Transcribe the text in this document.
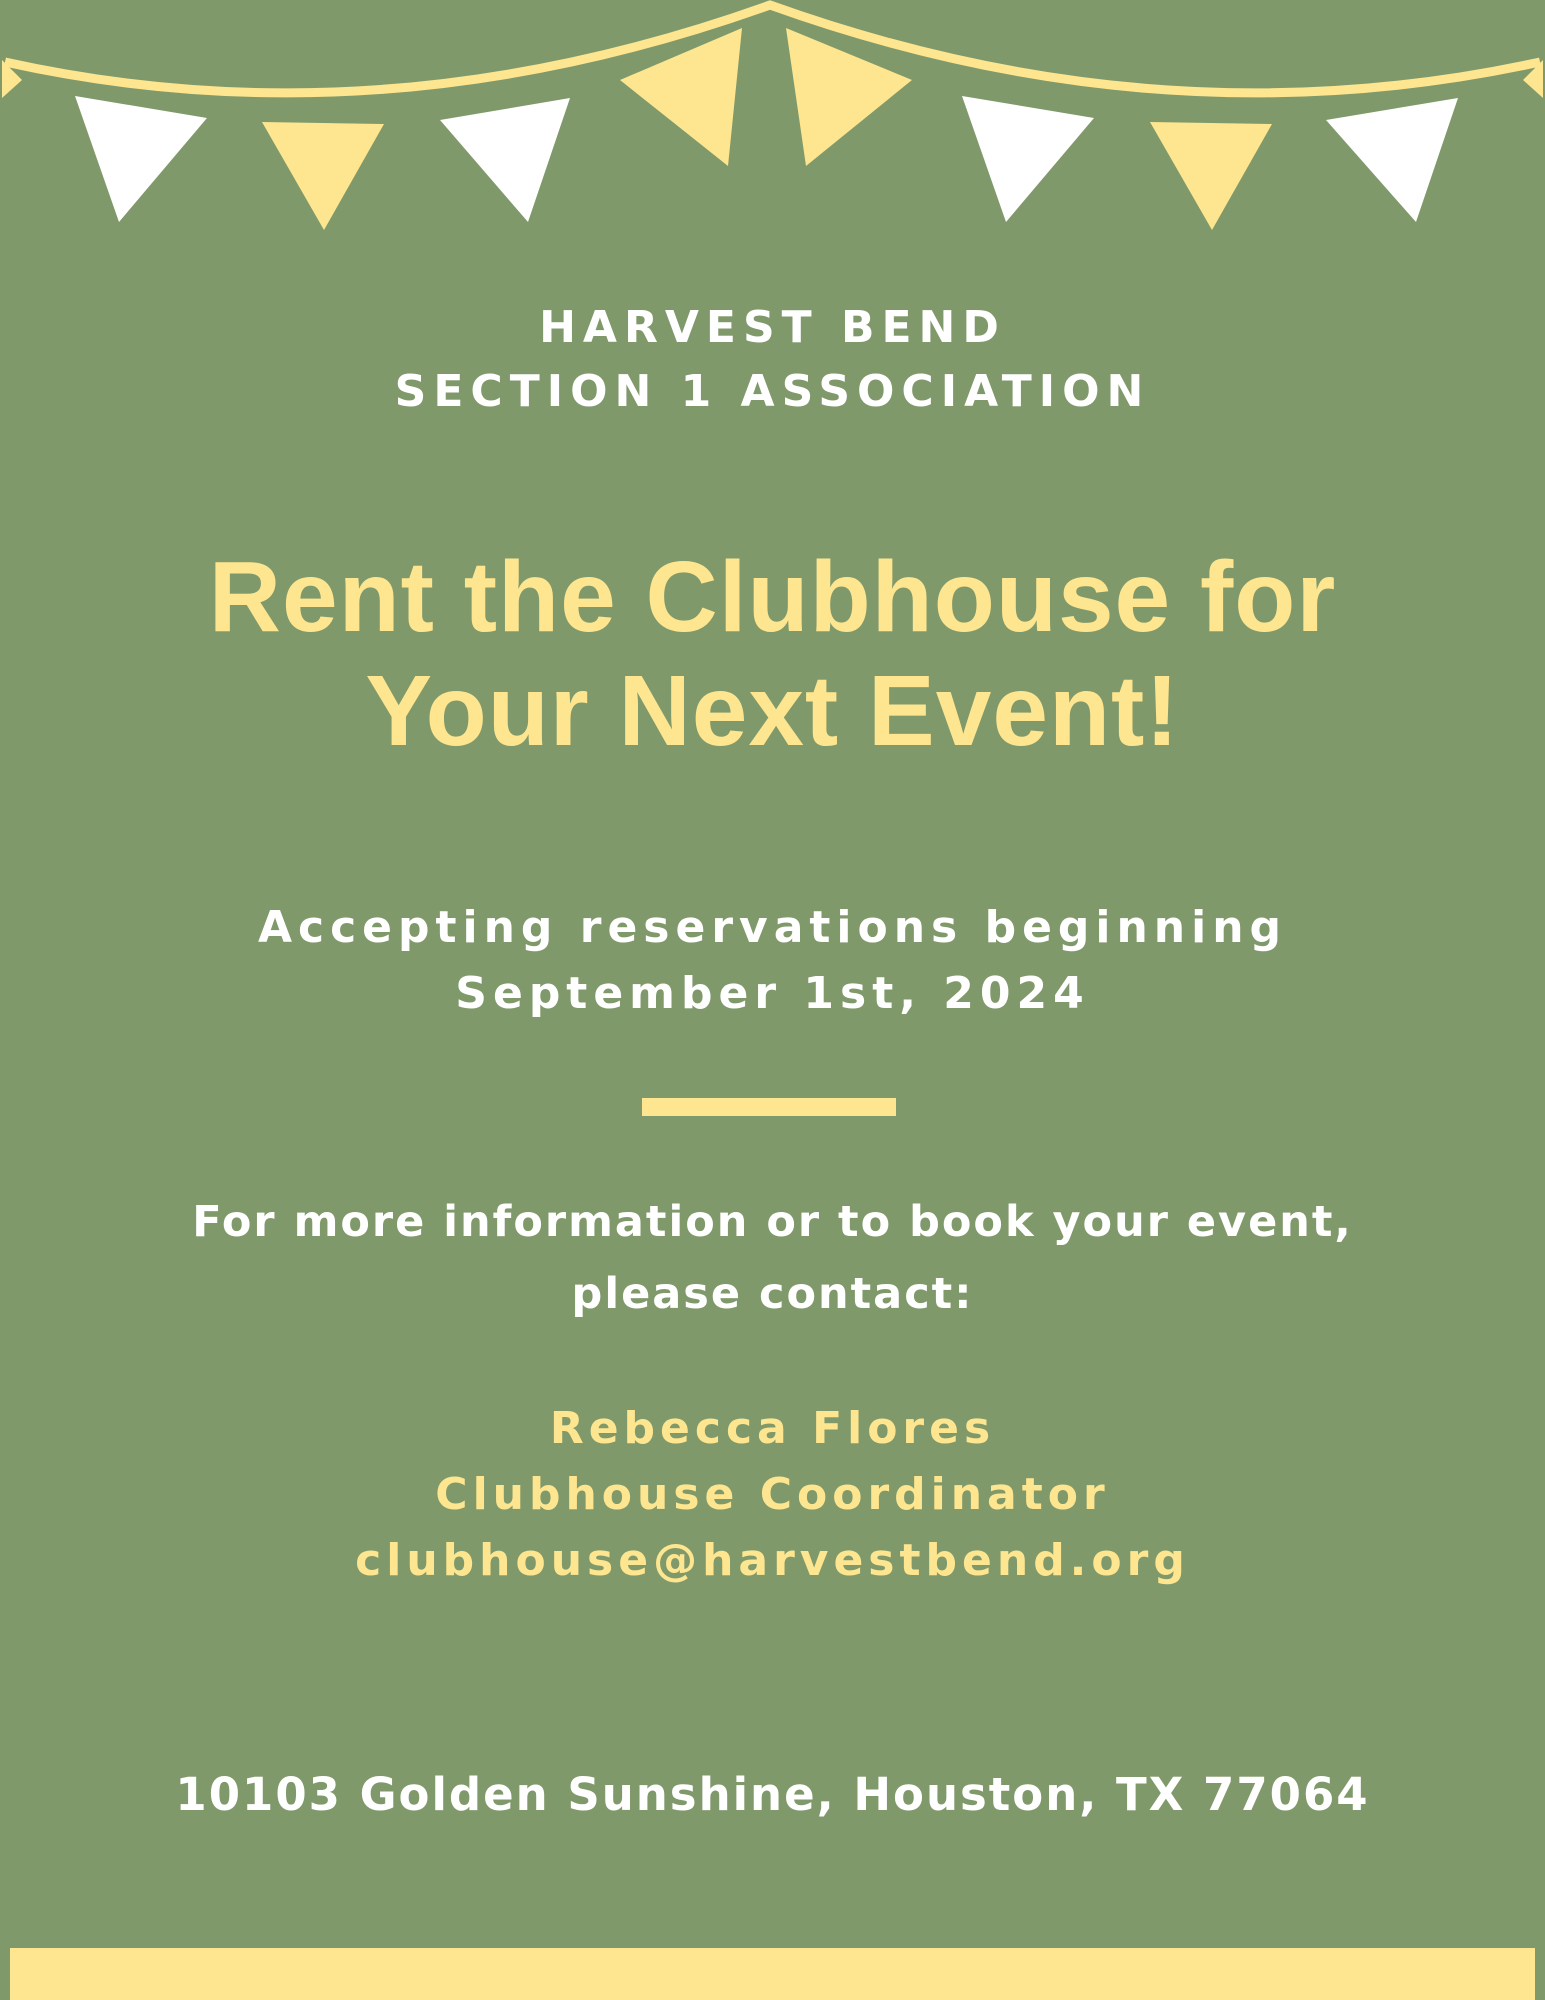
HARVEST BEND
SECTION 1 ASSOCIATION
Rent the Clubhouse for
Your Next Event!
Accepting reservations beginning
September 1st, 2024
For more information or to book your event,
please contact:
Rebecca Flores
Clubhouse Coordinator
clubhouse@harvestbend.org
10103 Golden Sunshine, Houston, TX 77064
